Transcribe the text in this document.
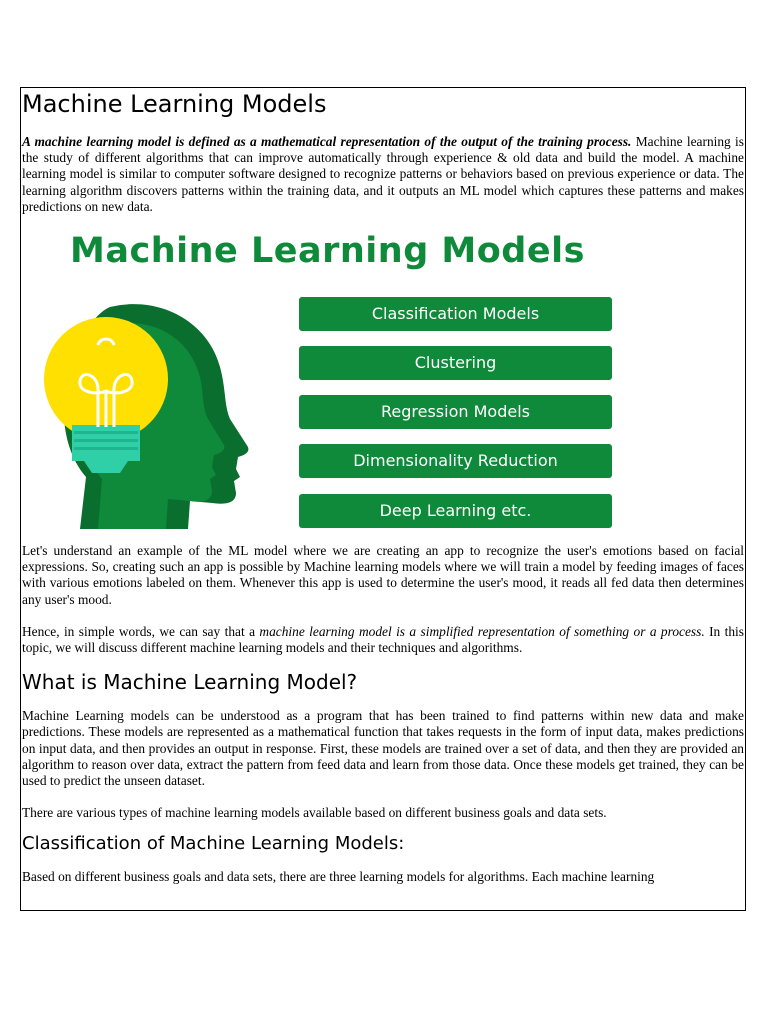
Machine Learning Models

A machine learning model is defined as a mathematical representation of the output of the training process. Machine learning is the study of different algorithms that can improve automatically through experience & old data and build the model. A machine learning model is similar to computer software designed to recognize patterns or behaviors based on previous experience or data. The learning algorithm discovers patterns within the training data, and it outputs an ML model which captures these patterns and makes predictions on new data.

Machine Learning Models
Classification Models
Clustering
Regression Models
Dimensionality Reduction
Deep Learning etc.

Let's understand an example of the ML model where we are creating an app to recognize the user's emotions based on facial expressions. So, creating such an app is possible by Machine learning models where we will train a model by feeding images of faces with various emotions labeled on them. Whenever this app is used to determine the user's mood, it reads all fed data then determines any user's mood.

Hence, in simple words, we can say that a machine learning model is a simplified representation of something or a process. In this topic, we will discuss different machine learning models and their techniques and algorithms.

What is Machine Learning Model?

Machine Learning models can be understood as a program that has been trained to find patterns within new data and make predictions. These models are represented as a mathematical function that takes requests in the form of input data, makes predictions on input data, and then provides an output in response. First, these models are trained over a set of data, and then they are provided an algorithm to reason over data, extract the pattern from feed data and learn from those data. Once these models get trained, they can be used to predict the unseen dataset.

There are various types of machine learning models available based on different business goals and data sets.

Classification of Machine Learning Models:

Based on different business goals and data sets, there are three learning models for algorithms. Each machine learning
